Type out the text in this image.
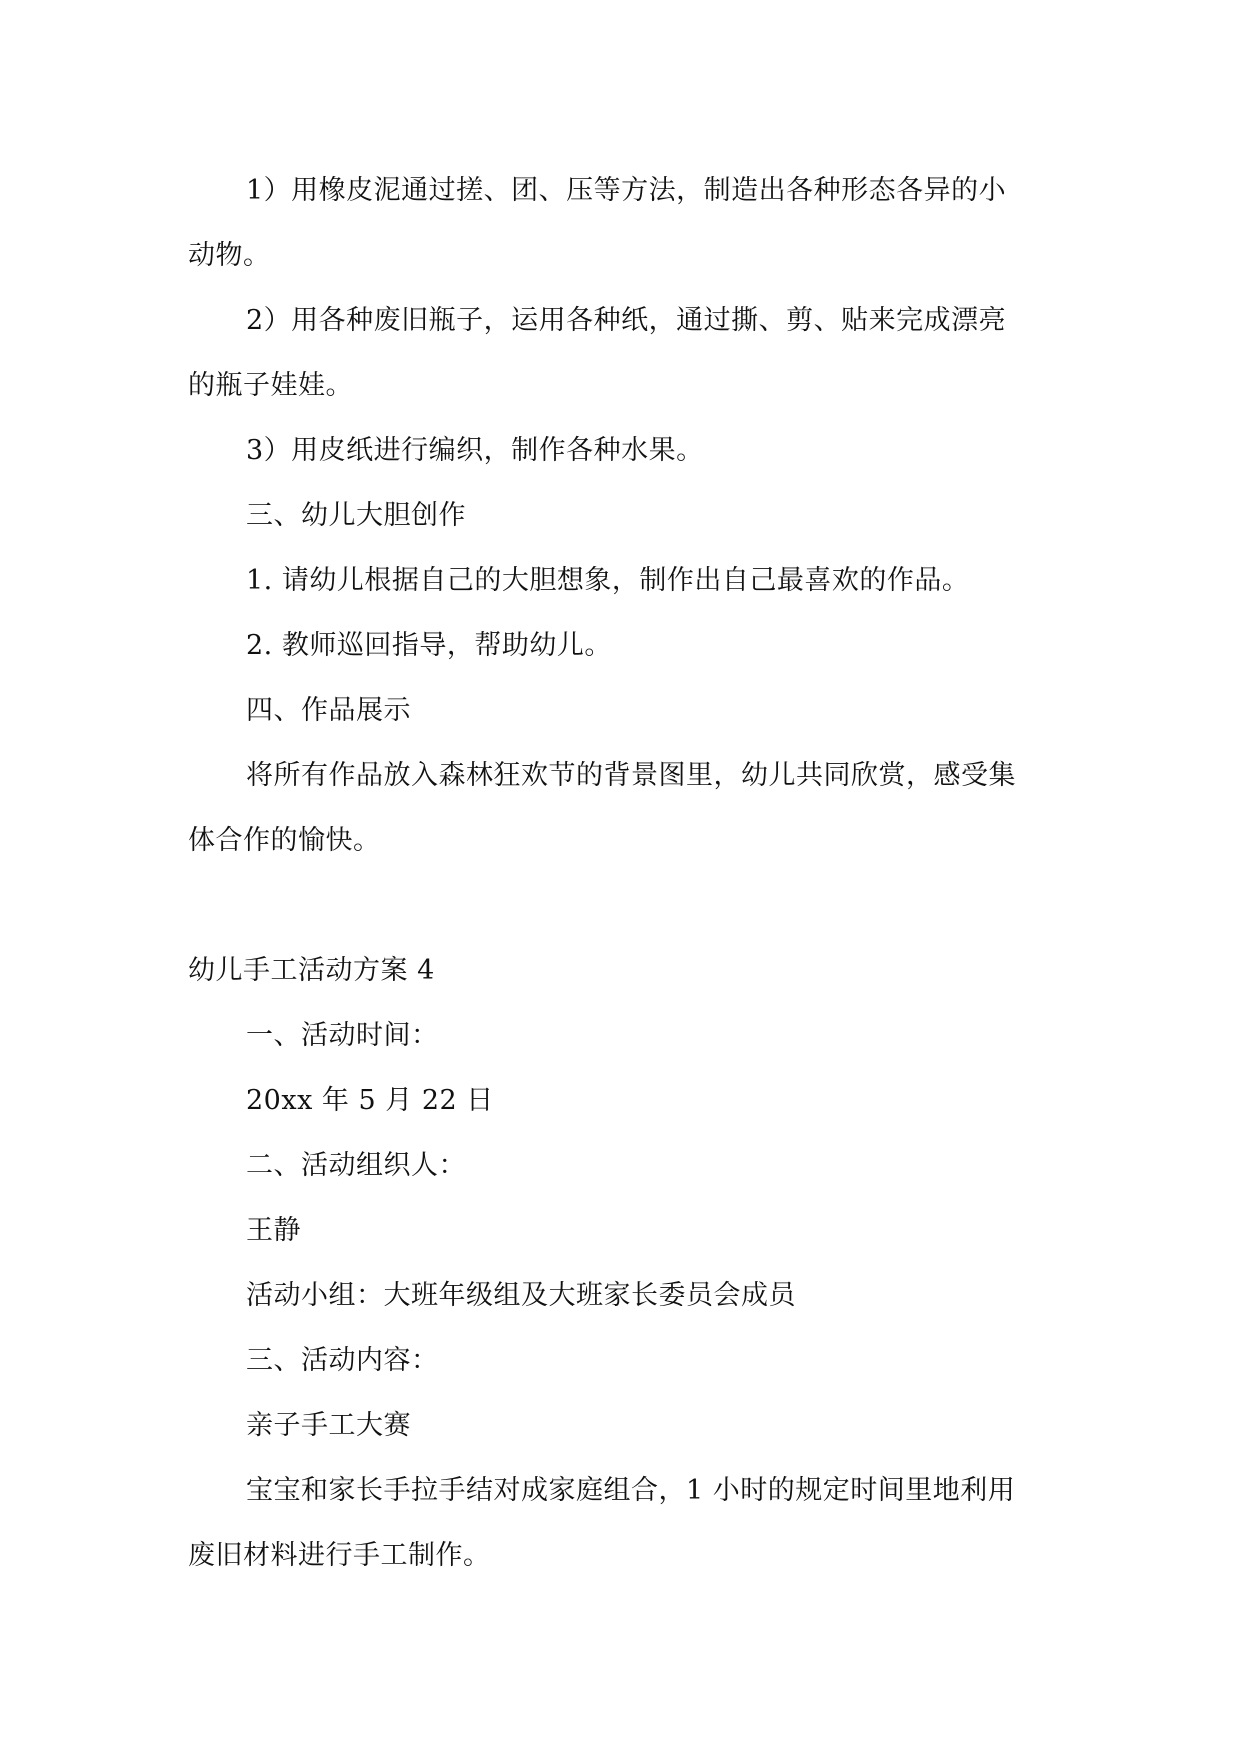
1）用橡皮泥通过搓、团、压等方法，制造出各种形态各异的小
动物。
2）用各种废旧瓶子，运用各种纸，通过撕、剪、贴来完成漂亮
的瓶子娃娃。
3）用皮纸进行编织，制作各种水果。
三、幼儿大胆创作
1. 请幼儿根据自己的大胆想象，制作出自己最喜欢的作品。
2. 教师巡回指导，帮助幼儿。
四、作品展示
将所有作品放入森林狂欢节的背景图里，幼儿共同欣赏，感受集
体合作的愉快。
幼儿手工活动方案 4
一、活动时间：
20xx 年 5 月 22 日
二、活动组织人：
王静
活动小组：大班年级组及大班家长委员会成员
三、活动内容：
亲子手工大赛
宝宝和家长手拉手结对成家庭组合，1 小时的规定时间里地利用
废旧材料进行手工制作。
